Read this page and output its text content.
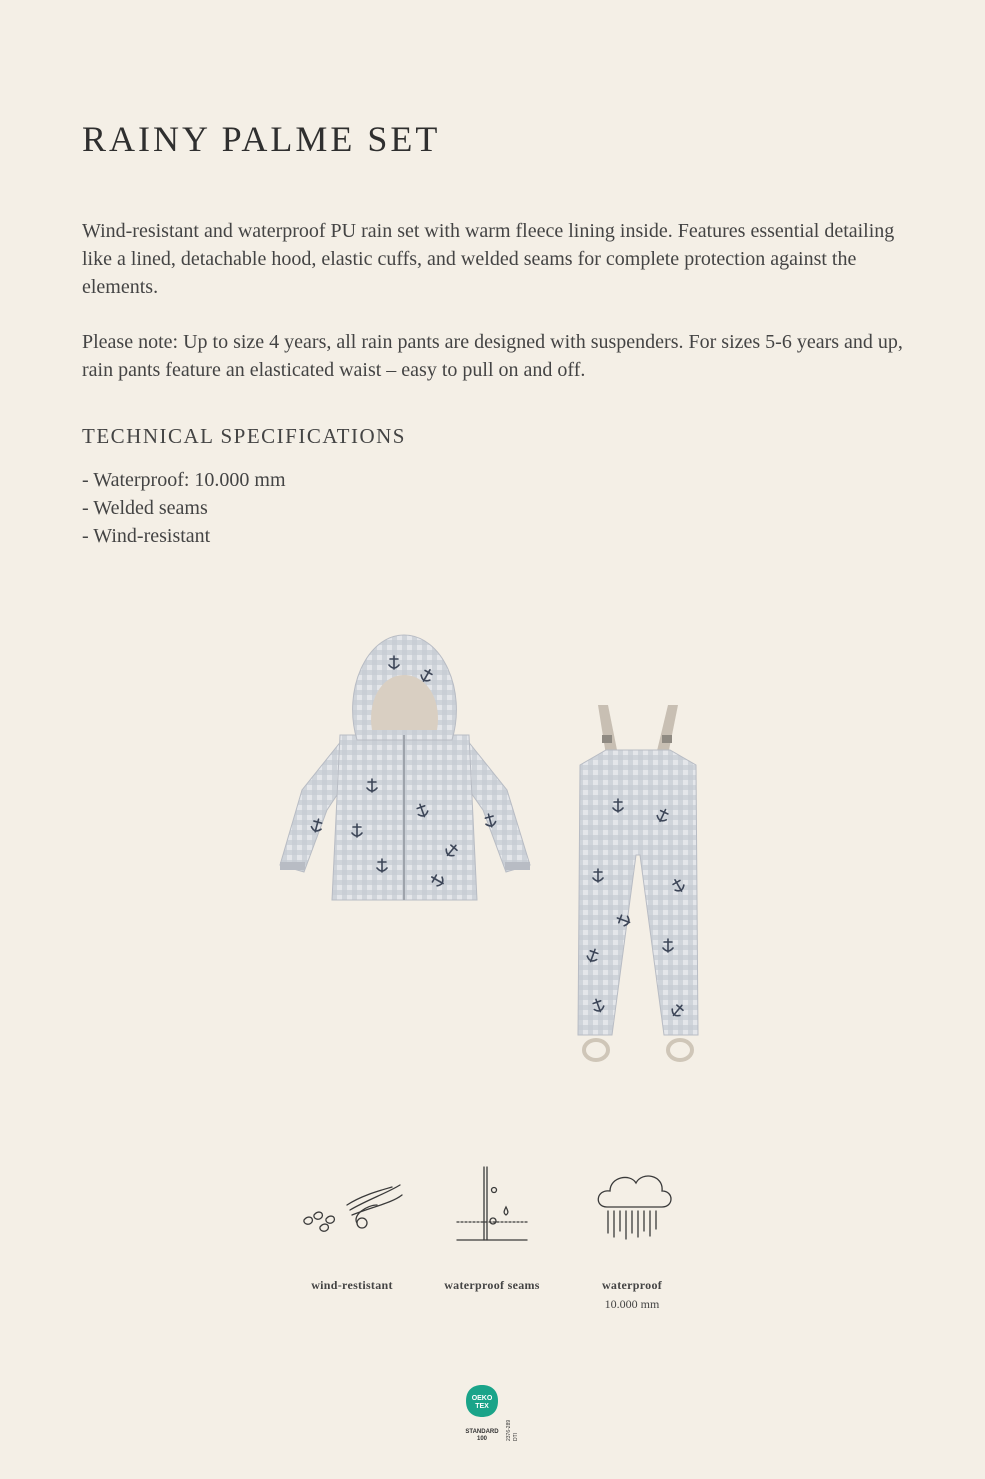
RAINY PALME SET

Wind-resistant and waterproof PU rain set with warm fleece lining inside. Features essential detailing like a lined, detachable hood, elastic cuffs, and welded seams for complete protection against the elements.

Please note: Up to size 4 years, all rain pants are designed with suspenders. For sizes 5-6 years and up, rain pants feature an elasticated waist – easy to pull on and off.

TECHNICAL SPECIFICATIONS
- Waterproof: 10.000 mm
- Welded seams
- Wind-resistant
wind-restistant	waterproof seams	waterproof
10.000 mm
OEKO
TEX
STANDARD
100	2376-289 DTI
